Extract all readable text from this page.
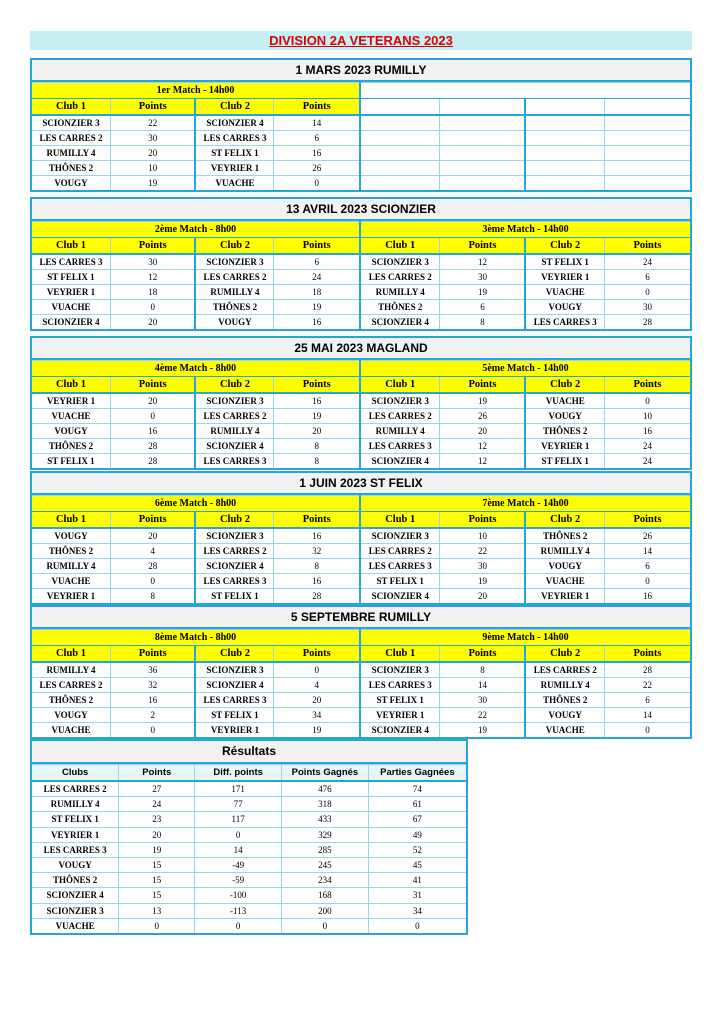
DIVISION 2A VETERANS 2023
1 MARS 2023 RUMILLY
1er Match - 14h00			
Club 1	Points	Club 2	Points
SCIONZIER 3	22	SCIONZIER 4	14
LES CARRES 2	30	LES CARRES 3	6
RUMILLY 4	20	ST FELIX 1	16
THÔNES 2	10	VEYRIER 1	26
VOUGY	19	VUACHE	0

13 AVRIL 2023 SCIONZIER
2ème Match - 8h00			
Club 1	Points	Club 2	Points
LES CARRES 3	30	SCIONZIER 3	6
ST FELIX 1	12	LES CARRES 2	24
VEYRIER 1	18	RUMILLY 4	18
VUACHE	0	THÔNES 2	19
SCIONZIER 4	20	VOUGY	16
3ème Match - 14h00			
Club 1	Points	Club 2	Points
SCIONZIER 3	12	ST FELIX 1	24
LES CARRES 2	30	VEYRIER 1	6
RUMILLY 4	19	VUACHE	0
THÔNES 2	6	VOUGY	30
SCIONZIER 4	8	LES CARRES 3	28
25 MAI 2023 MAGLAND
4ème Match - 8h00			
Club 1	Points	Club 2	Points
VEYRIER 1	20	SCIONZIER 3	16
VUACHE	0	LES CARRES 2	19
VOUGY	16	RUMILLY 4	20
THÔNES 2	28	SCIONZIER 4	8
ST FELIX 1	28	LES CARRES 3	8
5ème Match - 14h00			
Club 1	Points	Club 2	Points
SCIONZIER 3	19	VUACHE	0
LES CARRES 2	26	VOUGY	10
RUMILLY 4	20	THÔNES 2	16
LES CARRES 3	12	VEYRIER 1	24
SCIONZIER 4	12	ST FELIX 1	24
1 JUIN 2023 ST FELIX
6ème Match - 8h00			
Club 1	Points	Club 2	Points
VOUGY	20	SCIONZIER 3	16
THÔNES 2	4	LES CARRES 2	32
RUMILLY 4	28	SCIONZIER 4	8
VUACHE	0	LES CARRES 3	16
VEYRIER 1	8	ST FELIX 1	28
7ème Match - 14h00			
Club 1	Points	Club 2	Points
SCIONZIER 3	10	THÔNES 2	26
LES CARRES 2	22	RUMILLY 4	14
LES CARRES 3	30	VOUGY	6
ST FELIX 1	19	VUACHE	0
SCIONZIER 4	20	VEYRIER 1	16
5 SEPTEMBRE RUMILLY
8ème Match - 8h00			
Club 1	Points	Club 2	Points
RUMILLY 4	36	SCIONZIER 3	0
LES CARRES 2	32	SCIONZIER 4	4
THÔNES 2	16	LES CARRES 3	20
VOUGY	2	ST FELIX 1	34
VUACHE	0	VEYRIER 1	19
9ème Match - 14h00			
Club 1	Points	Club 2	Points
SCIONZIER 3	8	LES CARRES 2	28
LES CARRES 3	14	RUMILLY 4	22
ST FELIX 1	30	THÔNES 2	6
VEYRIER 1	22	VOUGY	14
SCIONZIER 4	19	VUACHE	0
Résultats
Clubs	Points	Diff. points	Points Gagnés	Parties Gagnées
LES CARRES 2	27	171	476	74
RUMILLY 4	24	77	318	61
ST FELIX 1	23	117	433	67
VEYRIER 1	20	0	329	49
LES CARRES 3	19	14	285	52
VOUGY	15	-49	245	45
THÔNES 2	15	-59	234	41
SCIONZIER 4	15	-100	168	31
SCIONZIER 3	13	-113	200	34
VUACHE	0	0	0	0
